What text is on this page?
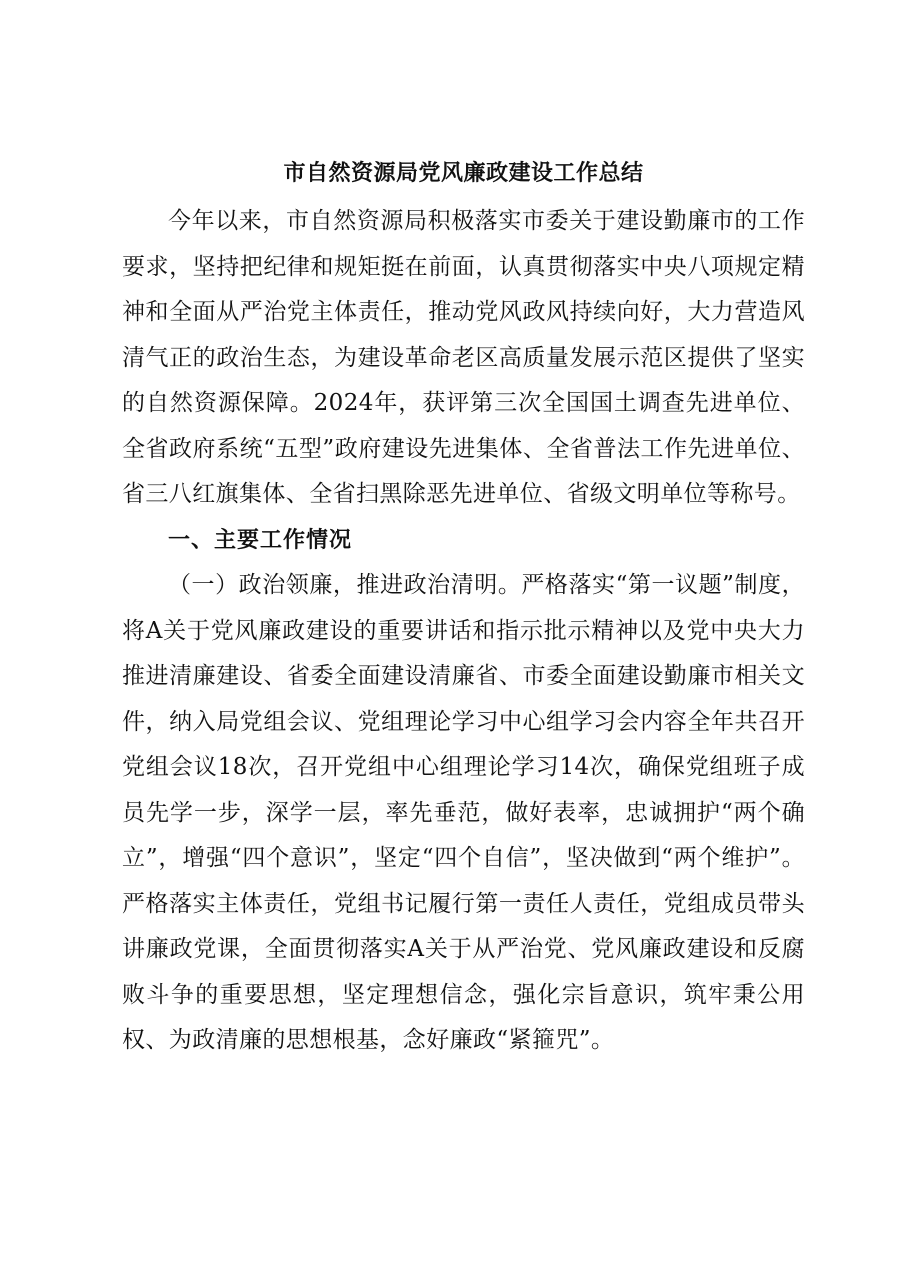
市自然资源局党风廉政建设工作总结

今年以来，市自然资源局积极落实市委关于建设勤廉市的工作要求，坚持把纪律和规矩挺在前面，认真贯彻落实中央八项规定精神和全面从严治党主体责任，推动党风政风持续向好，大力营造风清气正的政治生态，为建设革命老区高质量发展示范区提供了坚实的自然资源保障。2024年，获评第三次全国国土调查先进单位、全省政府系统“五型”政府建设先进集体、全省普法工作先进单位、省三八红旗集体、全省扫黑除恶先进单位、省级文明单位等称号。

一、主要工作情况

（一）政治领廉，推进政治清明。严格落实“第一议题”制度，将A关于党风廉政建设的重要讲话和指示批示精神以及党中央大力推进清廉建设、省委全面建设清廉省、市委全面建设勤廉市相关文件，纳入局党组会议、党组理论学习中心组学习会内容全年共召开党组会议18次，召开党组中心组理论学习14次，确保党组班子成员先学一步，深学一层，率先垂范，做好表率，忠诚拥护“两个确立”，增强“四个意识”，坚定“四个自信”，坚决做到“两个维护”。严格落实主体责任，党组书记履行第一责任人责任，党组成员带头讲廉政党课，全面贯彻落实A关于从严治党、党风廉政建设和反腐败斗争的重要思想，坚定理想信念，强化宗旨意识，筑牢秉公用权、为政清廉的思想根基，念好廉政“紧箍咒”。
